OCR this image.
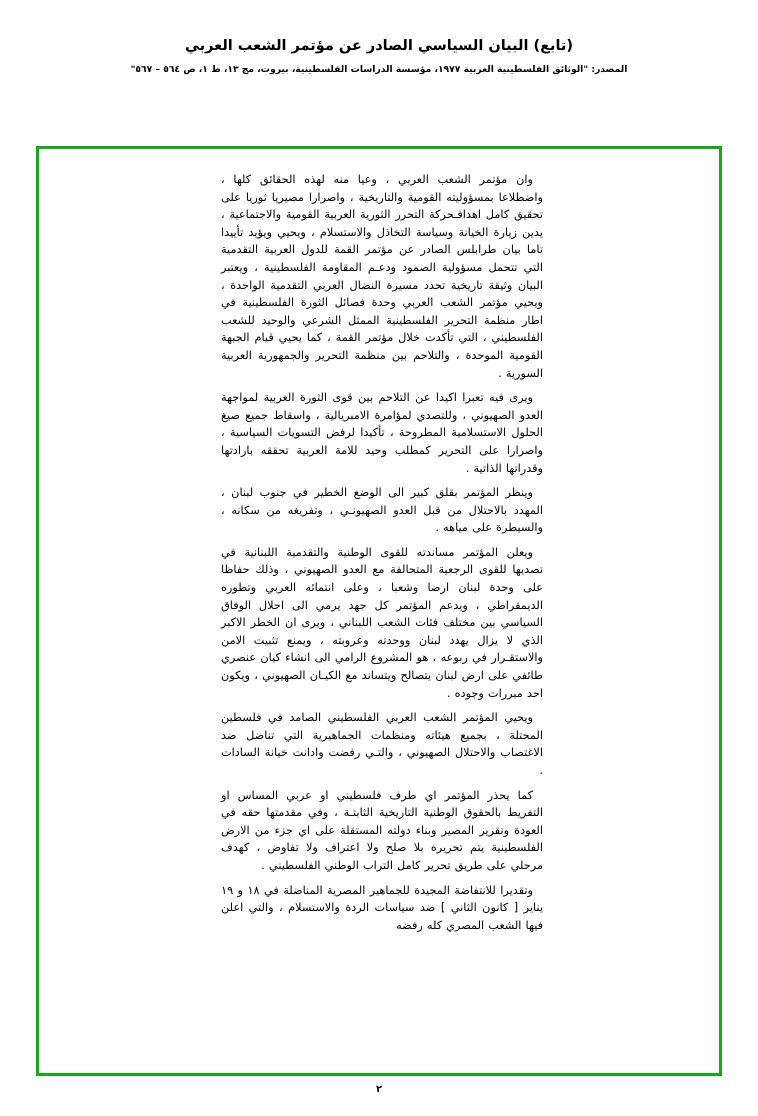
(تابع) البيان السياسي الصادر عن مؤتمر الشعب العربي
المصدر: "الوثائق الفلسطينية العربية ١٩٧٧، مؤسسة الدراسات الفلسطينية، بيروت، مج ١٣، ط ١، ص ٥٦٤ – ٥٦٧"

وان مؤتمر الشعب العربي ، وعيا منه لهذه الحقائق كلها ، واضطلاعا بمسؤوليته القومية والتاريخية ، واصرارا مصيريا ثوريا على تحقيق كامل اهدافـحركة التحرر الثورية العربية القومية والاجتماعية ، يدين زيارة الخيانة وسياسة التخاذل والاستسلام ، ويحيي ويؤيد تأييدا تاما بيان طرابلس الصادر عن مؤتمر القمة للدول العربية التقدمية التي تتحمل مسؤولية الصمود ودعـم المقاومة الفلسطينية ، ويعتبر البيان وثيقة تاريخية تحدد مسيرة النضال العربي التقدمية الواحدة ، ويحيي مؤتمر الشعب العربي وحدة فصائل الثورة الفلسطينية في اطار منظمة التحرير الفلسطينية الممثل الشرعي والوحيد للشعب الفلسطيني ، التي تأكدت خلال مؤتمر القمة ، كما يحيي قيام الجبهة القومية الموحدة ، والتلاحم بين منظمة التحرير والجمهورية العربية السورية .

ويرى فيه تعبرا اكيدا عن التلاحم بين قوى الثورة العربية لمواجهة العدو الصهيوني ، وللتصدي لمؤامرة الامبريالية ، واسقاط جميع صيغ الحلول الاستسلامية المطروحة ، تأكيدا لرفض التسويات السياسية ، واصرارا على التحرير كمطلب وحيد للامة العربية تحققه بارادتها وقدراتها الذاتية .

وينظر المؤتمر بقلق كبير الى الوضع الخطير في جنوب لبنان ، المهدد بالاحتلال من قبل العدو الصهيونـي ، وتفريغه من سكانه ، والسيطرة على مياهه .

ويعلن المؤتمر مساندته للقوى الوطنية والتقدمية اللبنانية في تصديها للقوى الرجعية المتحالفة مع العدو الصهيوني ، وذلك حفاظا على وحدة لبنان ارضا وشعبا ، وعلى انتمائه العربي وتطوره الديمقراطي ، ويدعم المؤتمر كل جهد يرمي الى احلال الوفاق السياسي بين مختلف فئات الشعب اللبناني ، ويرى ان الخطر الاكبر الذي لا يزال يهدد لبنان ووحدته وعروبته ، ويمنع تثبيت الامن والاستقـرار في ربوعه ، هو المشروع الرامي الى انشاء كيان عنصري طائفي على ارض لبنان يتصالح ويتساند مع الكيـان الصهيوني ، ويكون احد مبررات وجوده .

ويحيي المؤتمر الشعب العربي الفلسطيني الصامد في فلسطين المحتلة ، بجميع هيئاته ومنظمات الجماهيرية التي تناضل ضد الاغتصاب والاحتلال الصهيوني ، والتـي رفضت وادانت خيانة السادات .

كما يحذر المؤتمر اي طرف فلسطيني او عربي المساس او التفريط بالحقوق الوطنية التاريخية الثابتـة ، وفي مقدمتها حقه في العودة وتقرير المصير وبناء دولته المستقلة على اي جزء من الارض الفلسطينية يتم تحريره بلا صلح ولا اعتراف ولا تفاوض ، كهدف مرحلي على طريق تحرير كامل التراب الوطني الفلسطيني .

وتقديرا للانتفاضة المجيدة للجماهير المصرية المناضلة في ١٨ و ١٩ يناير [ كانون الثاني ] ضد سياسات الردة والاستسلام ، والتي اعلن فيها الشعب المصري كله رفضه

٢
